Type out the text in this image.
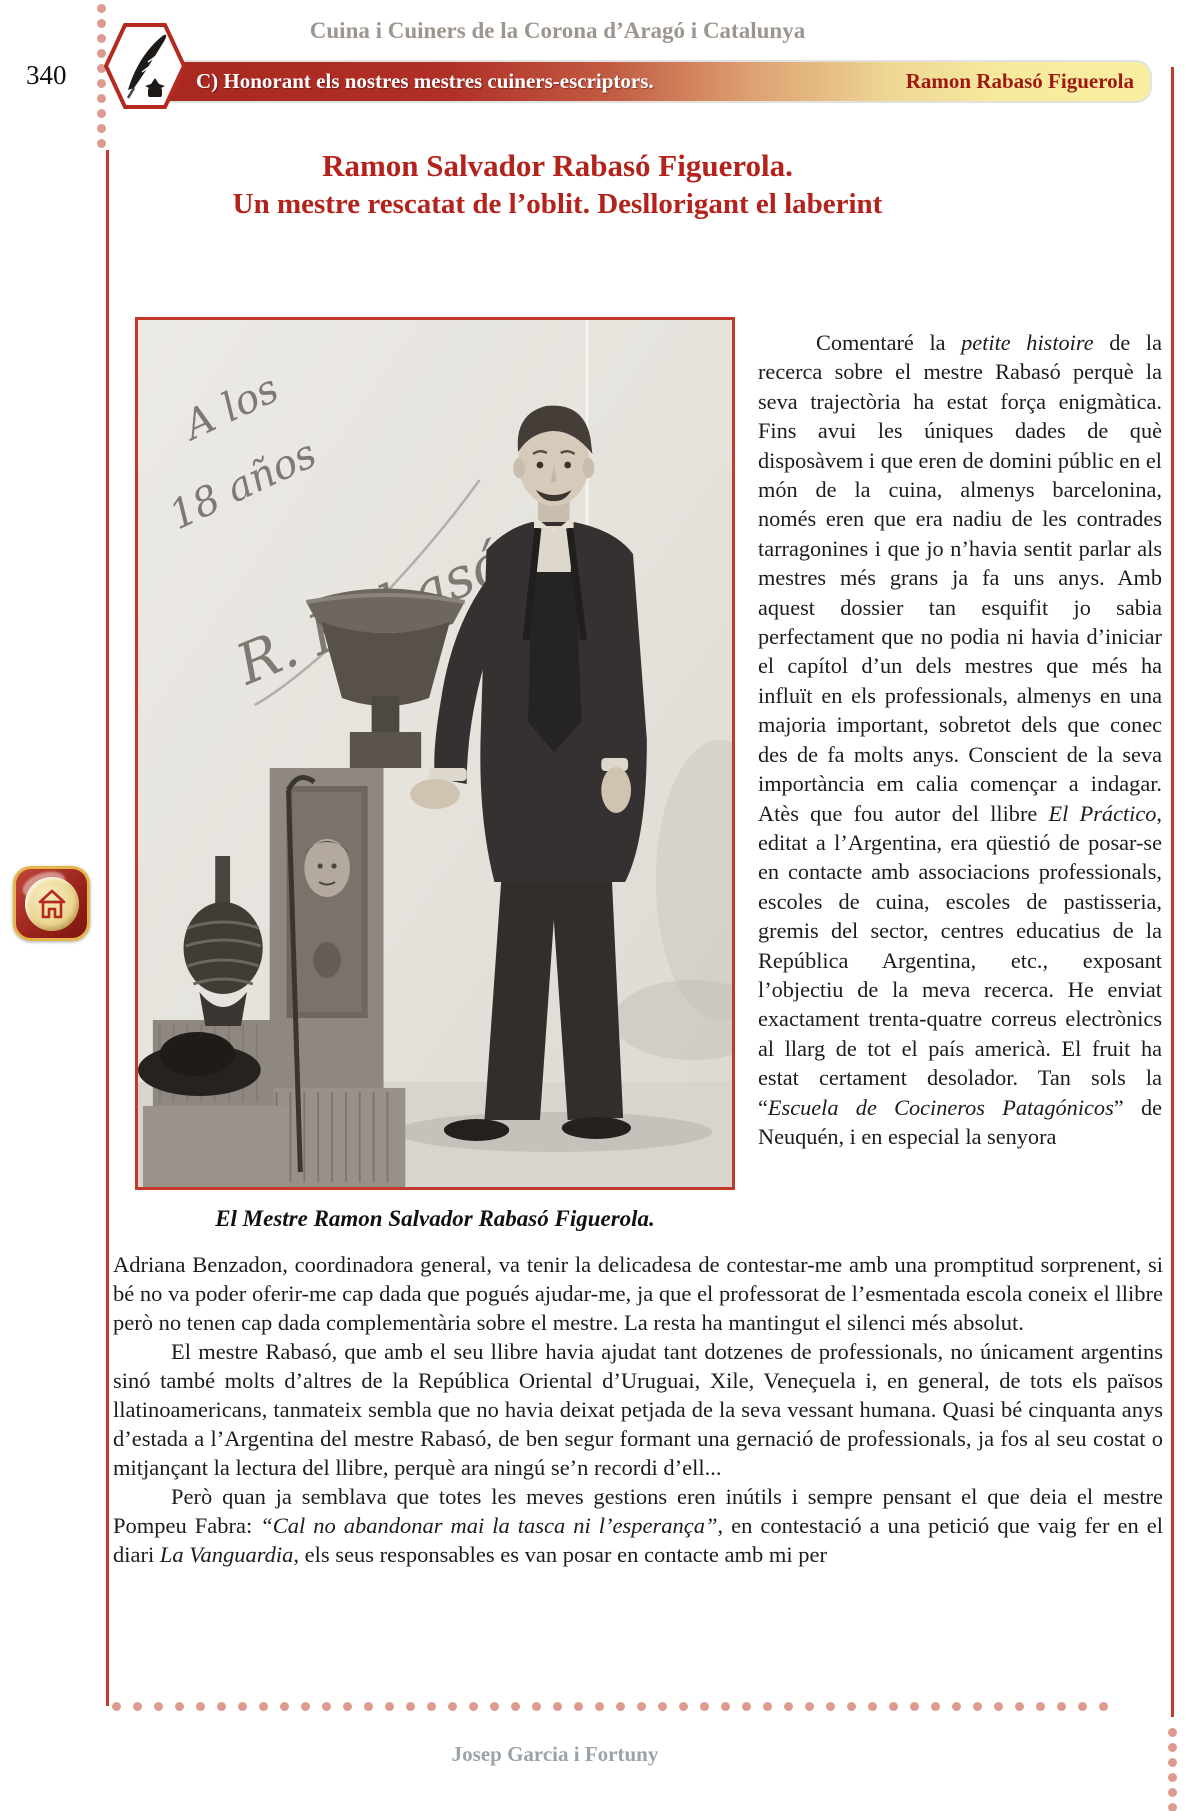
340
Cuina i Cuiners de la Corona d’Aragó i Catalunya
C) Honorant els nostres mestres cuiners-escriptors.	Ramon Rabasó Figuerola
Ramon Salvador Rabasó Figuerola.
Un mestre rescatat de l’oblit. Desllorigant el laberint
A los
18 años
R.
El Mestre Ramon Salvador Rabasó Figuerola.
Comentaré la petite histoire de la recerca sobre el mestre Rabasó perquè la seva trajectòria ha estat força enigmàtica. Fins avui les úniques dades de què disposàvem i que eren de domini públic en el món de la cuina, almenys barcelonina, només eren que era nadiu de les contrades tarragonines i que jo n’havia sentit parlar als mestres més grans ja fa uns anys. Amb aquest dossier tan esquifit jo sabia perfectament que no podia ni havia d’iniciar el capítol d’un dels mestres que més ha influït en els professionals, almenys en una majoria important, sobretot dels que conec des de fa molts anys. Conscient de la seva importància em calia començar a indagar. Atès que fou autor del llibre El Práctico, editat a l’Argentina, era qüestió de posar-se en contacte amb associacions professionals, escoles de cuina, escoles de pastisseria, gremis del sector, centres educatius de la República Argentina, etc., exposant l’objectiu de la meva recerca. He enviat exactament trenta-quatre correus electrònics al llarg de tot el país americà. El fruit ha estat certament desolador. Tan sols la “Escuela de Cocineros Patagónicos” de Neuquén, i en especial la senyora

Adriana Benzadon, coordinadora general, va tenir la delicadesa de contestar-me amb una promptitud sorprenent, si bé no va poder oferir-me cap dada que pogués ajudar-me, ja que el professorat de l’esmentada escola coneix el llibre però no tenen cap dada complementària sobre el mestre. La resta ha mantingut el silenci més absolut.

El mestre Rabasó, que amb el seu llibre havia ajudat tant dotzenes de professionals, no únicament argentins sinó també molts d’altres de la República Oriental d’Uruguai, Xile, Veneçuela i, en general, de tots els països llatinoamericans, tanmateix sembla que no havia deixat petjada de la seva vessant humana. Quasi bé cinquanta anys d’estada a l’Argentina del mestre Rabasó, de ben segur formant una gernació de professionals, ja fos al seu costat o mitjançant la lectura del llibre, perquè ara ningú se’n recordi d’ell...

Però quan ja semblava que totes les meves gestions eren inútils i sempre pensant el que deia el mestre Pompeu Fabra: “Cal no abandonar mai la tasca ni l’esperança”, en contestació a una petició que vaig fer en el diari La Vanguardia, els seus responsables es van posar en contacte amb mi per

Josep Garcia i Fortuny
